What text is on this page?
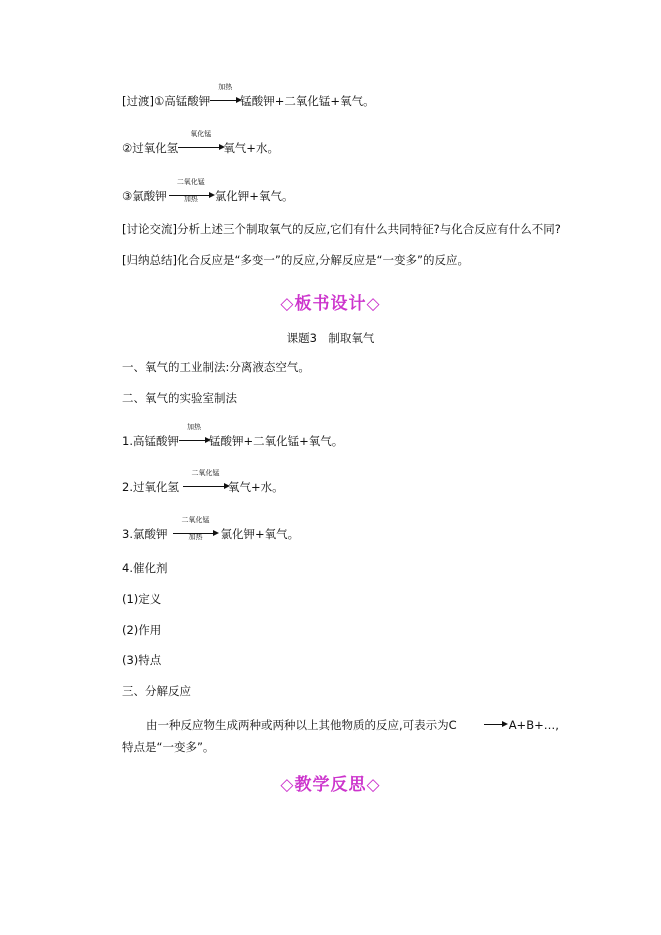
[过渡]①高锰酸钾
加热
锰酸钾+二氧化锰+氧气。
②过氧化氢
氧化锰
氧气+水。
③氯酸钾
二氧化锰
加热	氯化钾+氧气。
[讨论交流]分析上述三个制取氧气的反应,它们有什么共同特征?与化合反应有什么不同?
[归纳总结]化合反应是“多变一”的反应,分解反应是“一变多”的反应。
◇板书设计◇
课题3　制取氧气
一、氧气的工业制法:分离液态空气。
二、氧气的实验室制法
1.高锰酸钾
加热
锰酸钾+二氧化锰+氧气。
2.过氧化氢
二氧化锰
氧气+水。
3.氯酸钾
二氧化锰
加热	氯化钾+氧气。
4.催化剂
(1)定义
(2)作用
(3)特点
三、分解反应
由一种反应物生成两种或两种以上其他物质的反应,可表示为C → A+B+…,特点是“一变多”。
◇教学反思◇
